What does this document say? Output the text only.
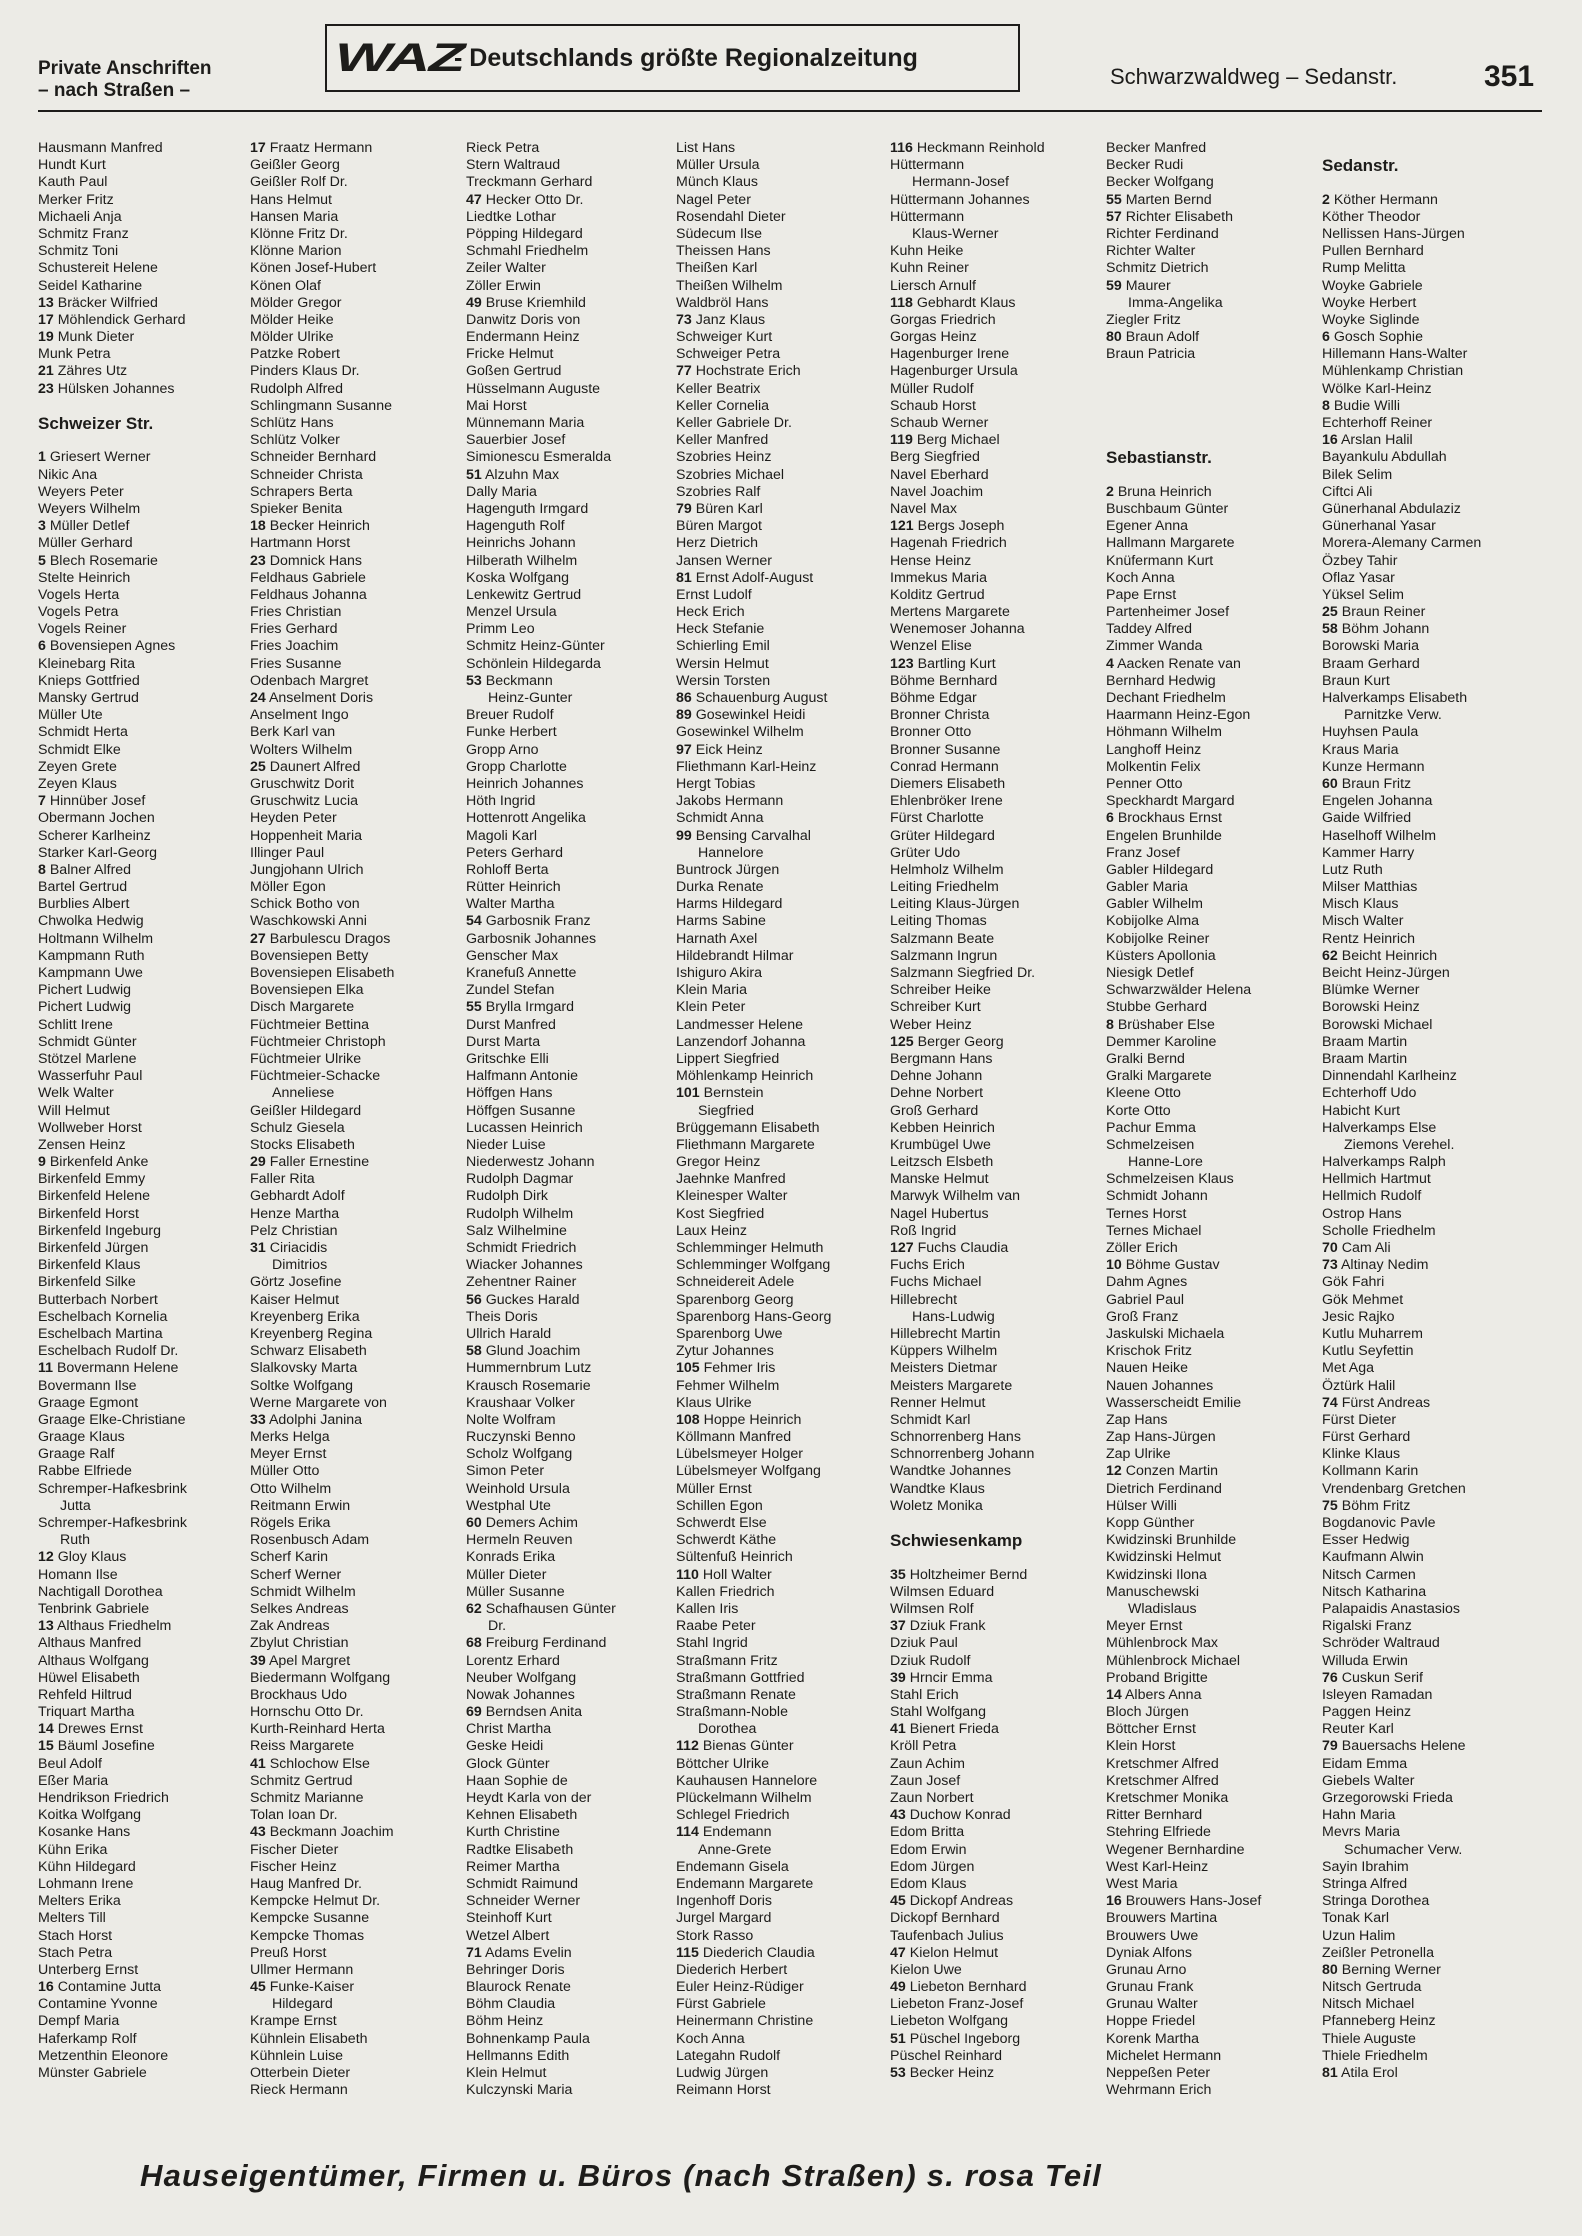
Private Anschriften
– nach Straßen –
WAZ
- Deutschlands größte Regionalzeitung
Schwarzwaldweg – Sedanstr.	351
Hausmann Manfred
Hundt Kurt
Kauth Paul
Merker Fritz
Michaeli Anja
Schmitz Franz
Schmitz Toni
Schustereit Helene
Seidel Katharine
13 Bräcker Wilfried
17 Möhlendick Gerhard
19 Munk Dieter
Munk Petra
21 Zähres Utz
23 Hülsken Johannes
Schweizer Str.
1 Griesert Werner
Nikic Ana
Weyers Peter
Weyers Wilhelm
3 Müller Detlef
Müller Gerhard
5 Blech Rosemarie
Stelte Heinrich
Vogels Herta
Vogels Petra
Vogels Reiner
6 Bovensiepen Agnes
Kleinebarg Rita
Knieps Gottfried
Mansky Gertrud
Müller Ute
Schmidt Herta
Schmidt Elke
Zeyen Grete
Zeyen Klaus
7 Hinnüber Josef
Obermann Jochen
Scherer Karlheinz
Starker Karl-Georg
8 Balner Alfred
Bartel Gertrud
Burblies Albert
Chwolka Hedwig
Holtmann Wilhelm
Kampmann Ruth
Kampmann Uwe
Pichert Ludwig
Pichert Ludwig
Schlitt Irene
Schmidt Günter
Stötzel Marlene
Wasserfuhr Paul
Welk Walter
Will Helmut
Wollweber Horst
Zensen Heinz
9 Birkenfeld Anke
Birkenfeld Emmy
Birkenfeld Helene
Birkenfeld Horst
Birkenfeld Ingeburg
Birkenfeld Jürgen
Birkenfeld Klaus
Birkenfeld Silke
Butterbach Norbert
Eschelbach Kornelia
Eschelbach Martina
Eschelbach Rudolf Dr.
11 Bovermann Helene
Bovermann Ilse
Graage Egmont
Graage Elke-Christiane
Graage Klaus
Graage Ralf
Rabbe Elfriede
Schremper-Hafkesbrink
Jutta
Schremper-Hafkesbrink
Ruth
12 Gloy Klaus
Homann Ilse
Nachtigall Dorothea
Tenbrink Gabriele
13 Althaus Friedhelm
Althaus Manfred
Althaus Wolfgang
Hüwel Elisabeth
Rehfeld Hiltrud
Triquart Martha
14 Drewes Ernst
15 Bäuml Josefine
Beul Adolf
Eßer Maria
Hendrikson Friedrich
Koitka Wolfgang
Kosanke Hans
Kühn Erika
Kühn Hildegard
Lohmann Irene
Melters Erika
Melters Till
Stach Horst
Stach Petra
Unterberg Ernst
16 Contamine Jutta
Contamine Yvonne
Dempf Maria
Haferkamp Rolf
Metzenthin Eleonore
Münster Gabriele
17 Fraatz Hermann
Geißler Georg
Geißler Rolf Dr.
Hans Helmut
Hansen Maria
Klönne Fritz Dr.
Klönne Marion
Könen Josef-Hubert
Könen Olaf
Mölder Gregor
Mölder Heike
Mölder Ulrike
Patzke Robert
Pinders Klaus Dr.
Rudolph Alfred
Schlingmann Susanne
Schlütz Hans
Schlütz Volker
Schneider Bernhard
Schneider Christa
Schrapers Berta
Spieker Benita
18 Becker Heinrich
Hartmann Horst
23 Domnick Hans
Feldhaus Gabriele
Feldhaus Johanna
Fries Christian
Fries Gerhard
Fries Joachim
Fries Susanne
Odenbach Margret
24 Anselment Doris
Anselment Ingo
Berk Karl van
Wolters Wilhelm
25 Daunert Alfred
Gruschwitz Dorit
Gruschwitz Lucia
Heyden Peter
Hoppenheit Maria
Illinger Paul
Jungjohann Ulrich
Möller Egon
Schick Botho von
Waschkowski Anni
27 Barbulescu Dragos
Bovensiepen Betty
Bovensiepen Elisabeth
Bovensiepen Elka
Disch Margarete
Füchtmeier Bettina
Füchtmeier Christoph
Füchtmeier Ulrike
Füchtmeier-Schacke
Anneliese
Geißler Hildegard
Schulz Giesela
Stocks Elisabeth
29 Faller Ernestine
Faller Rita
Gebhardt Adolf
Henze Martha
Pelz Christian
31 Ciriacidis
Dimitrios
Görtz Josefine
Kaiser Helmut
Kreyenberg Erika
Kreyenberg Regina
Schwarz Elisabeth
Slalkovsky Marta
Soltke Wolfgang
Werne Margarete von
33 Adolphi Janina
Merks Helga
Meyer Ernst
Müller Otto
Otto Wilhelm
Reitmann Erwin
Rögels Erika
Rosenbusch Adam
Scherf Karin
Scherf Werner
Schmidt Wilhelm
Selkes Andreas
Zak Andreas
Zbylut Christian
39 Apel Margret
Biedermann Wolfgang
Brockhaus Udo
Hornschu Otto Dr.
Kurth-Reinhard Herta
Reiss Margarete
41 Schlochow Else
Schmitz Gertrud
Schmitz Marianne
Tolan Ioan Dr.
43 Beckmann Joachim
Fischer Dieter
Fischer Heinz
Haug Manfred Dr.
Kempcke Helmut Dr.
Kempcke Susanne
Kempcke Thomas
Preuß Horst
Ullmer Hermann
45 Funke-Kaiser
Hildegard
Krampe Ernst
Kühnlein Elisabeth
Kühnlein Luise
Otterbein Dieter
Rieck Hermann
Rieck Petra
Stern Waltraud
Treckmann Gerhard
47 Hecker Otto Dr.
Liedtke Lothar
Pöpping Hildegard
Schmahl Friedhelm
Zeiler Walter
Zöller Erwin
49 Bruse Kriemhild
Danwitz Doris von
Endermann Heinz
Fricke Helmut
Goßen Gertrud
Hüsselmann Auguste
Mai Horst
Münnemann Maria
Sauerbier Josef
Simionescu Esmeralda
51 Alzuhn Max
Dally Maria
Hagenguth Irmgard
Hagenguth Rolf
Heinrichs Johann
Hilberath Wilhelm
Koska Wolfgang
Lenkewitz Gertrud
Menzel Ursula
Primm Leo
Schmitz Heinz-Günter
Schönlein Hildegarda
53 Beckmann
Heinz-Gunter
Breuer Rudolf
Funke Herbert
Gropp Arno
Gropp Charlotte
Heinrich Johannes
Höth Ingrid
Hottenrott Angelika
Magoli Karl
Peters Gerhard
Rohloff Berta
Rütter Heinrich
Walter Martha
54 Garbosnik Franz
Garbosnik Johannes
Genscher Max
Kranefuß Annette
Zundel Stefan
55 Brylla Irmgard
Durst Manfred
Durst Marta
Gritschke Elli
Halfmann Antonie
Höffgen Hans
Höffgen Susanne
Lucassen Heinrich
Nieder Luise
Niederwestz Johann
Rudolph Dagmar
Rudolph Dirk
Rudolph Wilhelm
Salz Wilhelmine
Schmidt Friedrich
Wiacker Johannes
Zehentner Rainer
56 Guckes Harald
Theis Doris
Ullrich Harald
58 Glund Joachim
Hummernbrum Lutz
Krausch Rosemarie
Kraushaar Volker
Nolte Wolfram
Ruczynski Benno
Scholz Wolfgang
Simon Peter
Weinhold Ursula
Westphal Ute
60 Demers Achim
Hermeln Reuven
Konrads Erika
Müller Dieter
Müller Susanne
62 Schafhausen Günter
Dr.
68 Freiburg Ferdinand
Lorentz Erhard
Neuber Wolfgang
Nowak Johannes
69 Berndsen Anita
Christ Martha
Geske Heidi
Glock Günter
Haan Sophie de
Heydt Karla von der
Kehnen Elisabeth
Kurth Christine
Radtke Elisabeth
Reimer Martha
Schmidt Raimund
Schneider Werner
Steinhoff Kurt
Wetzel Albert
71 Adams Evelin
Behringer Doris
Blaurock Renate
Böhm Claudia
Böhm Heinz
Bohnenkamp Paula
Hellmanns Edith
Klein Helmut
Kulczynski Maria
List Hans
Müller Ursula
Münch Klaus
Nagel Peter
Rosendahl Dieter
Südecum Ilse
Theissen Hans
Theißen Karl
Theißen Wilhelm
Waldbröl Hans
73 Janz Klaus
Schweiger Kurt
Schweiger Petra
77 Hochstrate Erich
Keller Beatrix
Keller Cornelia
Keller Gabriele Dr.
Keller Manfred
Szobries Heinz
Szobries Michael
Szobries Ralf
79 Büren Karl
Büren Margot
Herz Dietrich
Jansen Werner
81 Ernst Adolf-August
Ernst Ludolf
Heck Erich
Heck Stefanie
Schierling Emil
Wersin Helmut
Wersin Torsten
86 Schauenburg August
89 Gosewinkel Heidi
Gosewinkel Wilhelm
97 Eick Heinz
Fliethmann Karl-Heinz
Hergt Tobias
Jakobs Hermann
Schmidt Anna
99 Bensing Carvalhal
Hannelore
Buntrock Jürgen
Durka Renate
Harms Hildegard
Harms Sabine
Harnath Axel
Hildebrandt Hilmar
Ishiguro Akira
Klein Maria
Klein Peter
Landmesser Helene
Lanzendorf Johanna
Lippert Siegfried
Möhlenkamp Heinrich
101 Bernstein
Siegfried
Brüggemann Elisabeth
Fliethmann Margarete
Gregor Heinz
Jaehnke Manfred
Kleinesper Walter
Kost Siegfried
Laux Heinz
Schlemminger Helmuth
Schlemminger Wolfgang
Schneidereit Adele
Sparenborg Georg
Sparenborg Hans-Georg
Sparenborg Uwe
Zytur Johannes
105 Fehmer Iris
Fehmer Wilhelm
Klaus Ulrike
108 Hoppe Heinrich
Köllmann Manfred
Lübelsmeyer Holger
Lübelsmeyer Wolfgang
Müller Ernst
Schillen Egon
Schwerdt Else
Schwerdt Käthe
Sültenfuß Heinrich
110 Holl Walter
Kallen Friedrich
Kallen Iris
Raabe Peter
Stahl Ingrid
Straßmann Fritz
Straßmann Gottfried
Straßmann Renate
Straßmann-Noble
Dorothea
112 Bienas Günter
Böttcher Ulrike
Kauhausen Hannelore
Plückelmann Wilhelm
Schlegel Friedrich
114 Endemann
Anne-Grete
Endemann Gisela
Endemann Margarete
Ingenhoff Doris
Jurgel Margard
Stork Rasso
115 Diederich Claudia
Diederich Herbert
Euler Heinz-Rüdiger
Fürst Gabriele
Heinermann Christine
Koch Anna
Lategahn Rudolf
Ludwig Jürgen
Reimann Horst
116 Heckmann Reinhold
Hüttermann
Hermann-Josef
Hüttermann Johannes
Hüttermann
Klaus-Werner
Kuhn Heike
Kuhn Reiner
Liersch Arnulf
118 Gebhardt Klaus
Gorgas Friedrich
Gorgas Heinz
Hagenburger Irene
Hagenburger Ursula
Müller Rudolf
Schaub Horst
Schaub Werner
119 Berg Michael
Berg Siegfried
Navel Eberhard
Navel Joachim
Navel Max
121 Bergs Joseph
Hagenah Friedrich
Hense Heinz
Immekus Maria
Kolditz Gertrud
Mertens Margarete
Wenemoser Johanna
Wenzel Elise
123 Bartling Kurt
Böhme Bernhard
Böhme Edgar
Bronner Christa
Bronner Otto
Bronner Susanne
Conrad Hermann
Diemers Elisabeth
Ehlenbröker Irene
Fürst Charlotte
Grüter Hildegard
Grüter Udo
Helmholz Wilhelm
Leiting Friedhelm
Leiting Klaus-Jürgen
Leiting Thomas
Salzmann Beate
Salzmann Ingrun
Salzmann Siegfried Dr.
Schreiber Heike
Schreiber Kurt
Weber Heinz
125 Berger Georg
Bergmann Hans
Dehne Johann
Dehne Norbert
Groß Gerhard
Kebben Heinrich
Krumbügel Uwe
Leitzsch Elsbeth
Manske Helmut
Marwyk Wilhelm van
Nagel Hubertus
Roß Ingrid
127 Fuchs Claudia
Fuchs Erich
Fuchs Michael
Hillebrecht
Hans-Ludwig
Hillebrecht Martin
Küppers Wilhelm
Meisters Dietmar
Meisters Margarete
Renner Helmut
Schmidt Karl
Schnorrenberg Hans
Schnorrenberg Johann
Wandtke Johannes
Wandtke Klaus
Woletz Monika
Schwiesenkamp
35 Holtzheimer Bernd
Wilmsen Eduard
Wilmsen Rolf
37 Dziuk Frank
Dziuk Paul
Dziuk Rudolf
39 Hrncir Emma
Stahl Erich
Stahl Wolfgang
41 Bienert Frieda
Kröll Petra
Zaun Achim
Zaun Josef
Zaun Norbert
43 Duchow Konrad
Edom Britta
Edom Erwin
Edom Jürgen
Edom Klaus
45 Dickopf Andreas
Dickopf Bernhard
Taufenbach Julius
47 Kielon Helmut
Kielon Uwe
49 Liebeton Bernhard
Liebeton Franz-Josef
Liebeton Wolfgang
51 Püschel Ingeborg
Püschel Reinhard
53 Becker Heinz
Becker Manfred
Becker Rudi
Becker Wolfgang
55 Marten Bernd
57 Richter Elisabeth
Richter Ferdinand
Richter Walter
Schmitz Dietrich
59 Maurer
Imma-Angelika
Ziegler Fritz
80 Braun Adolf
Braun Patricia
Sebastianstr.
2 Bruna Heinrich
Buschbaum Günter
Egener Anna
Hallmann Margarete
Knüfermann Kurt
Koch Anna
Pape Ernst
Partenheimer Josef
Taddey Alfred
Zimmer Wanda
4 Aacken Renate van
Bernhard Hedwig
Dechant Friedhelm
Haarmann Heinz-Egon
Höhmann Wilhelm
Langhoff Heinz
Molkentin Felix
Penner Otto
Speckhardt Margard
6 Brockhaus Ernst
Engelen Brunhilde
Franz Josef
Gabler Hildegard
Gabler Maria
Gabler Wilhelm
Kobijolke Alma
Kobijolke Reiner
Küsters Apollonia
Niesigk Detlef
Schwarzwälder Helena
Stubbe Gerhard
8 Brüshaber Else
Demmer Karoline
Gralki Bernd
Gralki Margarete
Kleene Otto
Korte Otto
Pachur Emma
Schmelzeisen
Hanne-Lore
Schmelzeisen Klaus
Schmidt Johann
Ternes Horst
Ternes Michael
Zöller Erich
10 Böhme Gustav
Dahm Agnes
Gabriel Paul
Groß Franz
Jaskulski Michaela
Krischok Fritz
Nauen Heike
Nauen Johannes
Wasserscheidt Emilie
Zap Hans
Zap Hans-Jürgen
Zap Ulrike
12 Conzen Martin
Dietrich Ferdinand
Hülser Willi
Kopp Günther
Kwidzinski Brunhilde
Kwidzinski Helmut
Kwidzinski Ilona
Manuschewski
Wladislaus
Meyer Ernst
Mühlenbrock Max
Mühlenbrock Michael
Proband Brigitte
14 Albers Anna
Bloch Jürgen
Böttcher Ernst
Klein Horst
Kretschmer Alfred
Kretschmer Alfred
Kretschmer Monika
Ritter Bernhard
Stehring Elfriede
Wegener Bernhardine
West Karl-Heinz
West Maria
16 Brouwers Hans-Josef
Brouwers Martina
Brouwers Uwe
Dyniak Alfons
Grunau Arno
Grunau Frank
Grunau Walter
Hoppe Friedel
Korenk Martha
Michelet Hermann
Neppeßen Peter
Wehrmann Erich
Sedanstr.
2 Köther Hermann
Köther Theodor
Nellissen Hans-Jürgen
Pullen Bernhard
Rump Melitta
Woyke Gabriele
Woyke Herbert
Woyke Siglinde
6 Gosch Sophie
Hillemann Hans-Walter
Mühlenkamp Christian
Wölke Karl-Heinz
8 Budie Willi
Echterhoff Reiner
16 Arslan Halil
Bayankulu Abdullah
Bilek Selim
Ciftci Ali
Günerhanal Abdulaziz
Günerhanal Yasar
Morera-Alemany Carmen
Özbey Tahir
Oflaz Yasar
Yüksel Selim
25 Braun Reiner
58 Böhm Johann
Borowski Maria
Braam Gerhard
Braun Kurt
Halverkamps Elisabeth
Parnitzke Verw.
Huyhsen Paula
Kraus Maria
Kunze Hermann
60 Braun Fritz
Engelen Johanna
Gaide Wilfried
Haselhoff Wilhelm
Kammer Harry
Lutz Ruth
Milser Matthias
Misch Klaus
Misch Walter
Rentz Heinrich
62 Beicht Heinrich
Beicht Heinz-Jürgen
Blümke Werner
Borowski Heinz
Borowski Michael
Braam Martin
Braam Martin
Dinnendahl Karlheinz
Echterhoff Udo
Habicht Kurt
Halverkamps Else
Ziemons Verehel.
Halverkamps Ralph
Hellmich Hartmut
Hellmich Rudolf
Ostrop Hans
Scholle Friedhelm
70 Cam Ali
73 Altinay Nedim
Gök Fahri
Gök Mehmet
Jesic Rajko
Kutlu Muharrem
Kutlu Seyfettin
Met Aga
Öztürk Halil
74 Fürst Andreas
Fürst Dieter
Fürst Gerhard
Klinke Klaus
Kollmann Karin
Vrendenbarg Gretchen
75 Böhm Fritz
Bogdanovic Pavle
Esser Hedwig
Kaufmann Alwin
Nitsch Carmen
Nitsch Katharina
Palapaidis Anastasios
Rigalski Franz
Schröder Waltraud
Willuda Erwin
76 Cuskun Serif
Isleyen Ramadan
Paggen Heinz
Reuter Karl
79 Bauersachs Helene
Eidam Emma
Giebels Walter
Grzegorowski Frieda
Hahn Maria
Mevrs Maria
Schumacher Verw.
Sayin Ibrahim
Stringa Alfred
Stringa Dorothea
Tonak Karl
Uzun Halim
Zeißler Petronella
80 Berning Werner
Nitsch Gertruda
Nitsch Michael
Pfanneberg Heinz
Thiele Auguste
Thiele Friedhelm
81 Atila Erol
Hauseigentümer, Firmen u. Büros (nach Straßen) s. rosa Teil
